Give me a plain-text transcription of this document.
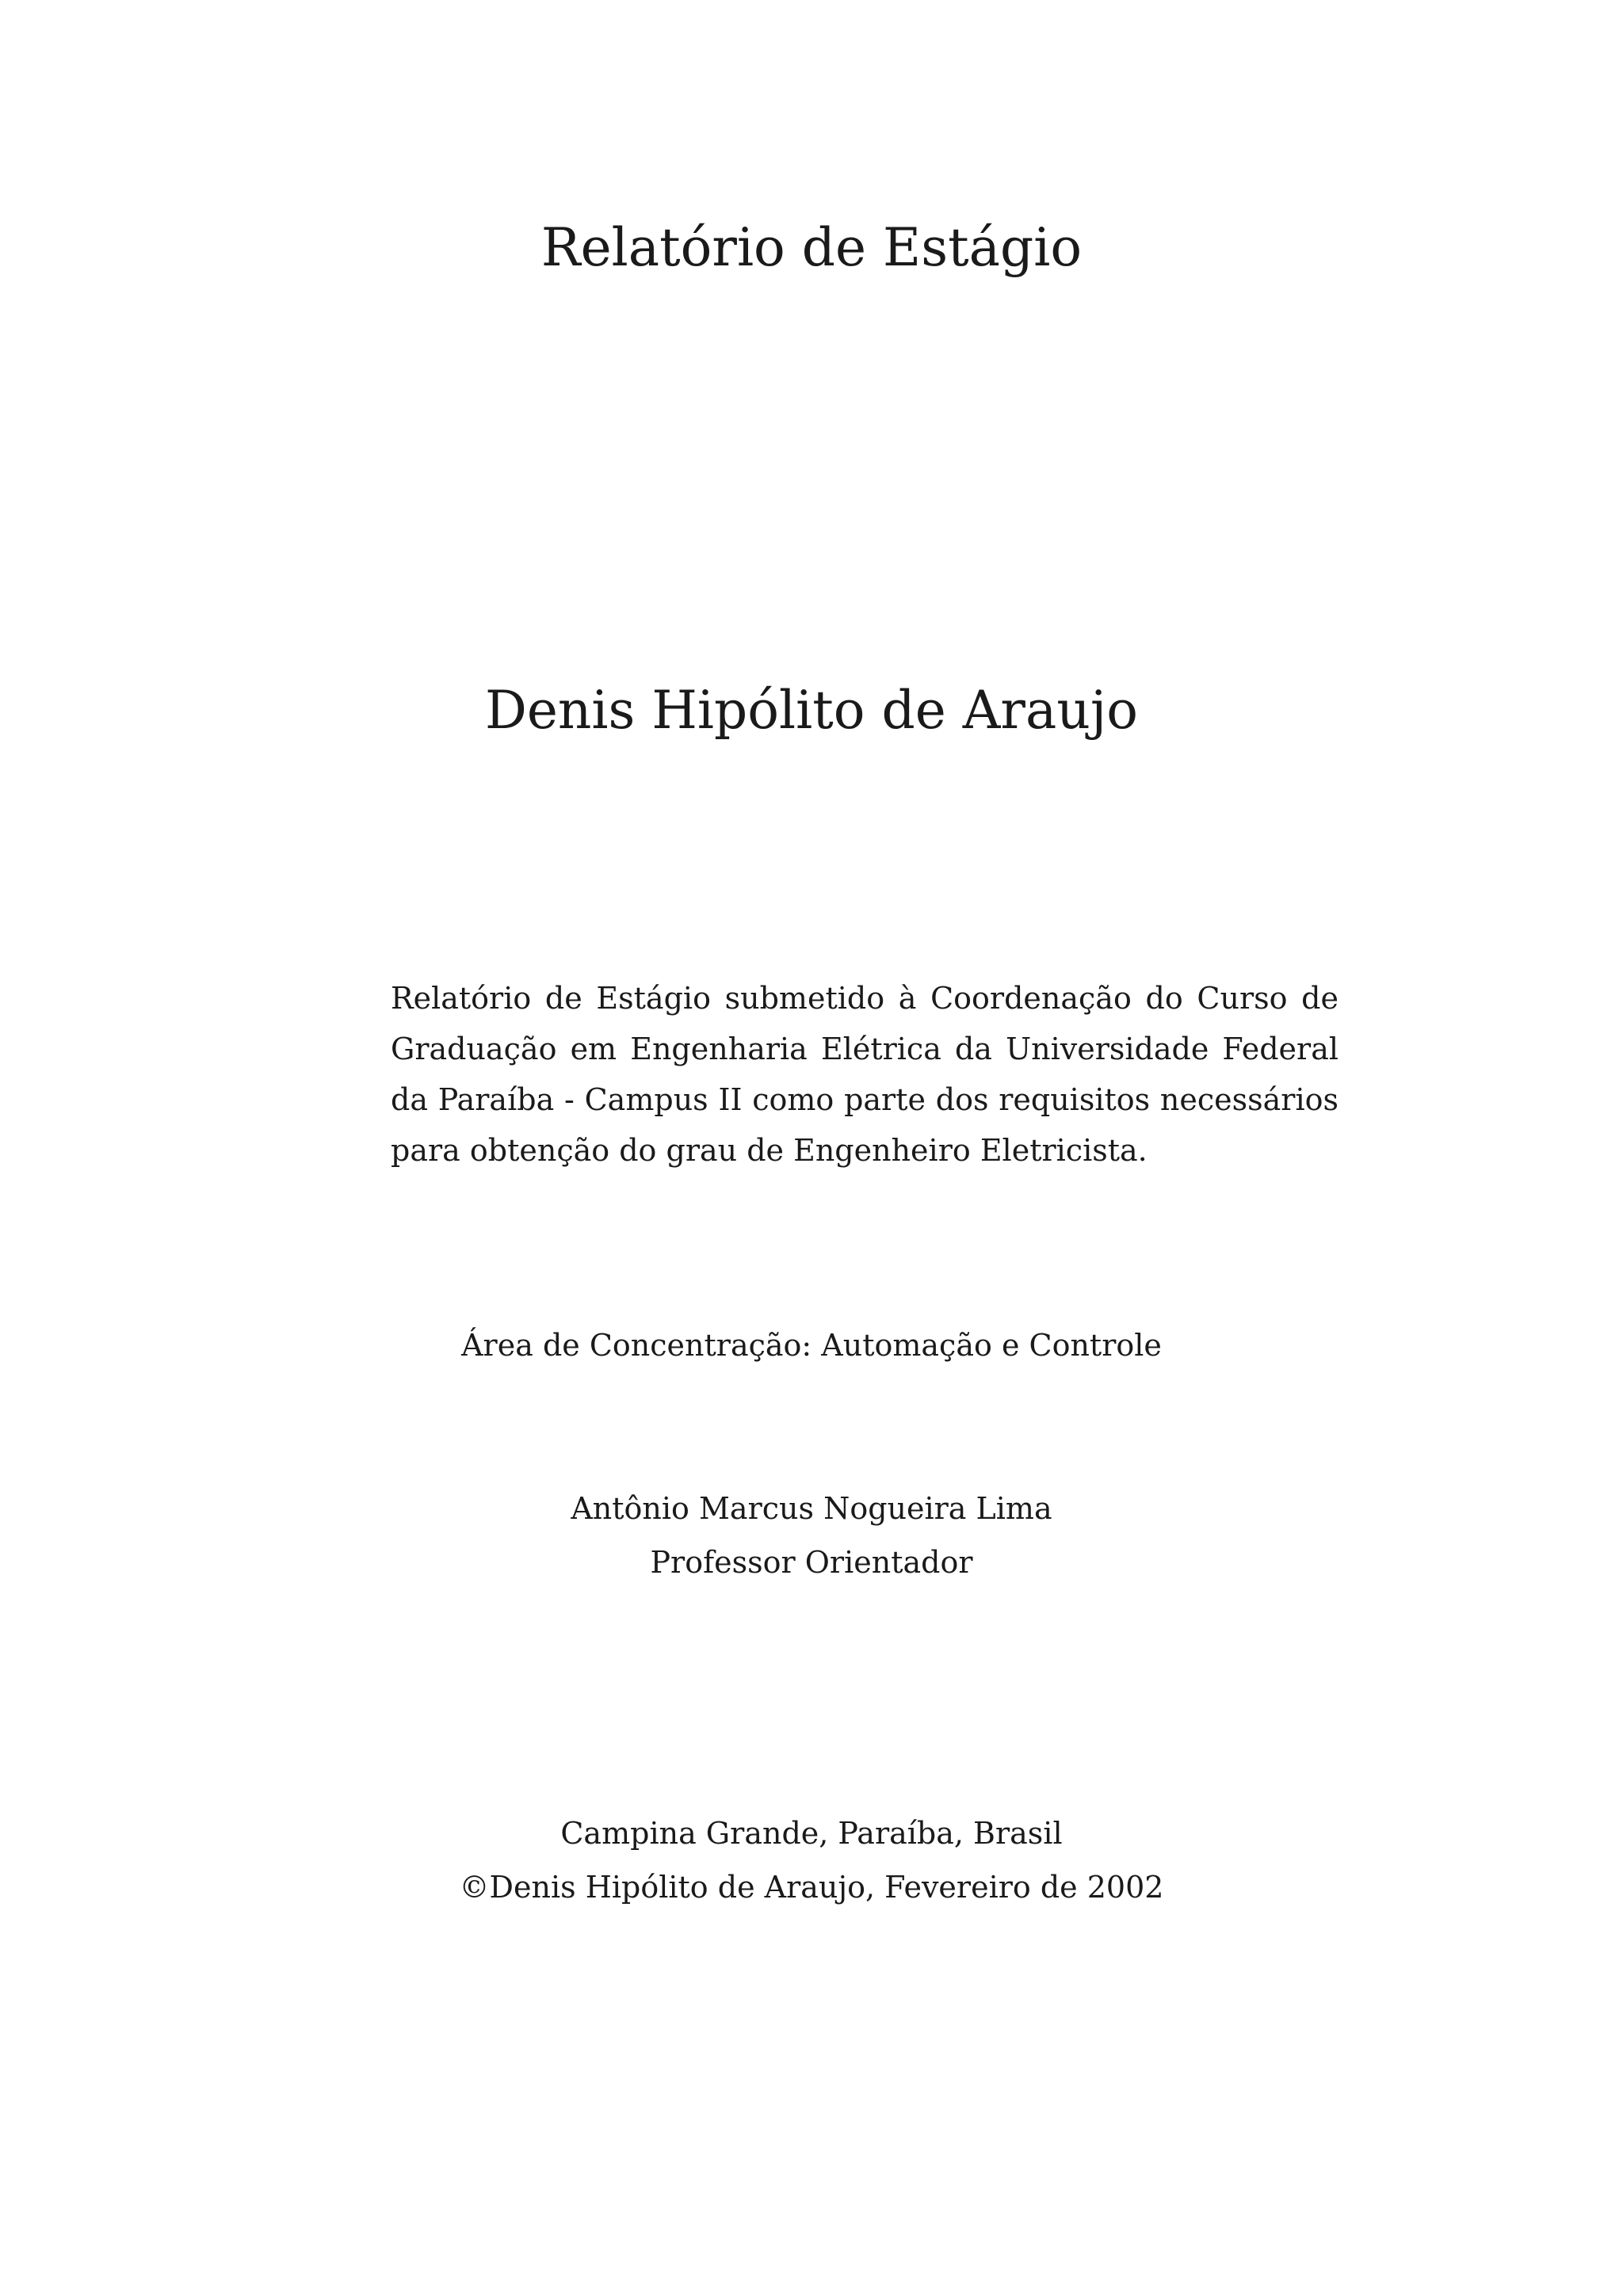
Relatório de Estágio
Denis Hipólito de Araujo

Relatório de Estágio submetido à Coordenação do Curso de Graduação em Engenharia Elétrica da Universidade Federal da Paraíba - Campus II como parte dos requisitos necessários para obtenção do grau de Engenheiro Eletricista.

Área de Concentração: Automação e Controle
Antônio Marcus Nogueira Lima
Professor Orientador
Campina Grande, Paraíba, Brasil
©Denis Hipólito de Araujo, Fevereiro de 2002
